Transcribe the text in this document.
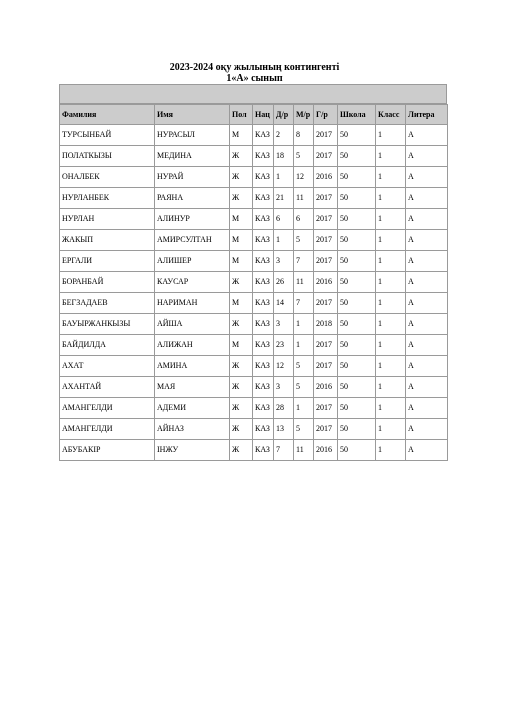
2023-2024 оқу жылының контингенті
1«А» сынып
Фамилия	Имя	Пол	Нац	Д/р	М/р	Г/р	Школа	Класс	Литера
ТУРСЫНБАЙ	НУРАСЫЛ	М	КАЗ	2	8	2017	50	1	А
ПОЛАТКЫЗЫ	МЕДИНА	Ж	КАЗ	18	5	2017	50	1	А
ОНАЛБЕК	НУРАЙ	Ж	КАЗ	1	12	2016	50	1	А
НУРЛАНБЕК	РАЯНА	Ж	КАЗ	21	11	2017	50	1	А
НУРЛАН	АЛИНУР	М	КАЗ	6	6	2017	50	1	А
ЖАКЫП	АМИРСУЛТАН	М	КАЗ	1	5	2017	50	1	А
ЕРГАЛИ	АЛИШЕР	М	КАЗ	3	7	2017	50	1	А
БОРАНБАЙ	КАУСАР	Ж	КАЗ	26	11	2016	50	1	А
БЕГЗАДАЕВ	НАРИМАН	М	КАЗ	14	7	2017	50	1	А
БАУЫРЖАНКЫЗЫ	АЙША	Ж	КАЗ	3	1	2018	50	1	А
БАЙДИЛДА	АЛИЖАН	М	КАЗ	23	1	2017	50	1	А
АХАТ	АМИНА	Ж	КАЗ	12	5	2017	50	1	А
АХАНТАЙ	МАЯ	Ж	КАЗ	3	5	2016	50	1	А
АМАНГЕЛДИ	АДЕМИ	Ж	КАЗ	28	1	2017	50	1	А
АМАНГЕЛДИ	АЙНАЗ	Ж	КАЗ	13	5	2017	50	1	А
АБУБАКІР	ІНЖУ	Ж	КАЗ	7	11	2016	50	1	А
